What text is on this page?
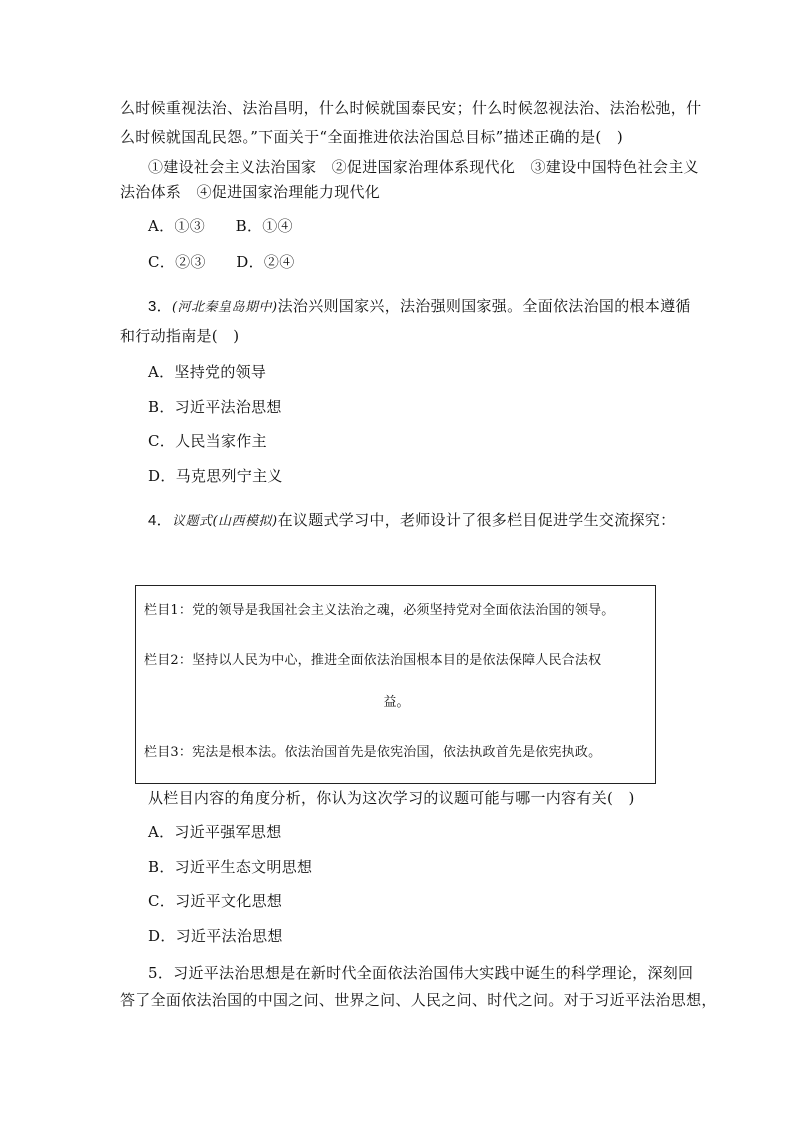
么时候重视法治、法治昌明，什么时候就国泰民安；什么时候忽视法治、法治松弛，什
么时候就国乱民怨。”下面关于“全面推进依法治国总目标”描述正确的是(　)
①建设社会主义法治国家　②促进国家治理体系现代化　③建设中国特色社会主义
法治体系　④促进国家治理能力现代化
A．①③　　B．①④
C．②③　　D．②④
3．(河北秦皇岛期中)法治兴则国家兴，法治强则国家强。全面依法治国的根本遵循
和行动指南是(　)
A．坚持党的领导
B．习近平法治思想
C．人民当家作主
D．马克思列宁主义
4．议题式(山西模拟)在议题式学习中，老师设计了很多栏目促进学生交流探究：
栏目1：党的领导是我国社会主义法治之魂，必须坚持党对全面依法治国的领导。
栏目2：坚持以人民为中心，推进全面依法治国根本目的是依法保障人民合法权
益。
栏目3：宪法是根本法。依法治国首先是依宪治国，依法执政首先是依宪执政。
从栏目内容的角度分析，你认为这次学习的议题可能与哪一内容有关(　)
A．习近平强军思想
B．习近平生态文明思想
C．习近平文化思想
D．习近平法治思想
5．习近平法治思想是在新时代全面依法治国伟大实践中诞生的科学理论，深刻回
答了全面依法治国的中国之问、世界之问、人民之问、时代之问。对于习近平法治思想，
